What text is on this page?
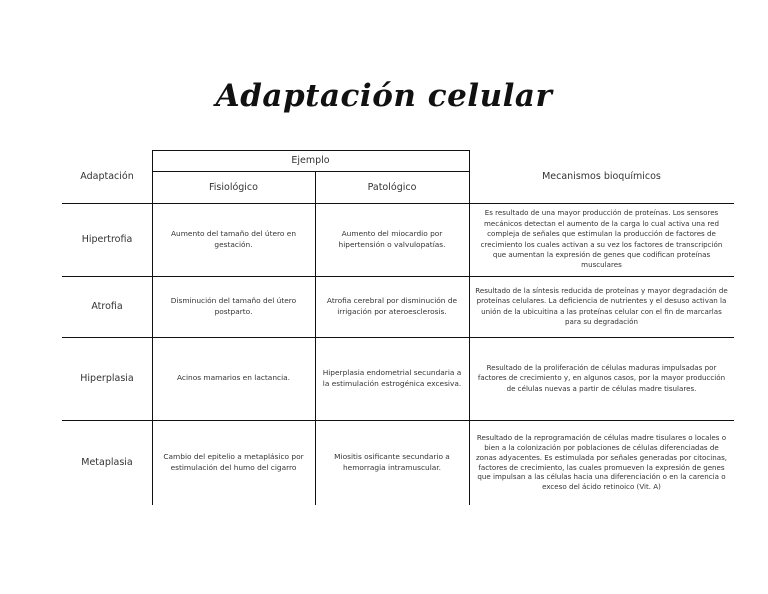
Adaptación celular
Adaptación
Ejemplo
Fisiológico	Patológico
Mecanismos bioquímicos
Hipertrofia
Aumento del tamaño del útero en gestación.
Aumento del miocardio por hipertensión o valvulopatías.
Es resultado de una mayor producción de proteínas. Los sensores mecánicos detectan el aumento de la carga lo cual activa una red compleja de señales que estimulan la producción de factores de crecimiento los cuales activan a su vez los factores de transcripción que aumentan la expresión de genes que codifican proteínas musculares
Atrofia
Disminución del tamaño del útero postparto.
Atrofia cerebral por disminución de irrigación por ateroesclerosis.
Resultado de la síntesis reducida de proteínas y mayor degradación de proteínas celulares. La deficiencia de nutrientes y el desuso activan la unión de la ubicuitina a las proteínas celular con el fin de marcarlas para su degradación
Hiperplasia	Acinos mamarios en lactancia.
Hiperplasia endometrial secundaria a la estimulación estrogénica excesiva.
Resultado de la proliferación de células maduras impulsadas por factores de crecimiento y, en algunos casos, por la mayor producción de células nuevas a partir de células madre tisulares.
Metaplasia
Cambio del epitelio a metaplásico por estimulación del humo del cigarro
Miositis osificante secundario a hemorragia intramuscular.
Resultado de la reprogramación de células madre tisulares o locales o bien a la colonización por poblaciones de células diferenciadas de zonas adyacentes. Es estimulada por señales generadas por citocinas, factores de crecimiento, las cuales promueven la expresión de genes que impulsan a las células hacia una diferenciación o en la carencia o exceso del ácido retinoico (Vit. A)
